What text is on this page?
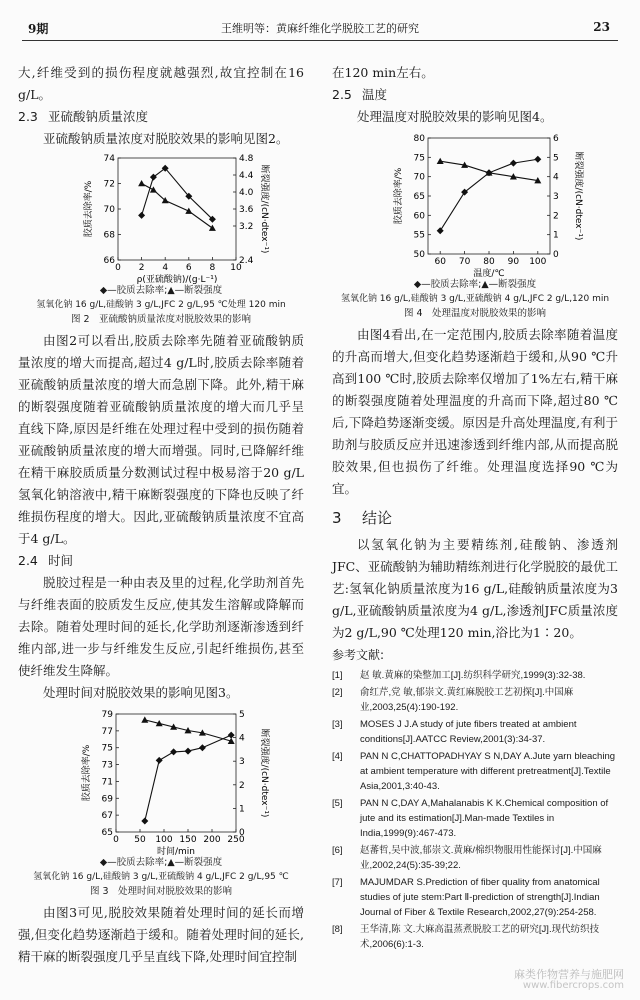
9期	王维明等：黄麻纤维化学脱胶工艺的研究	23

大,纤维受到的损伤程度就越强烈,故宜控制在16 g/L。

2.3 亚硫酸钠质量浓度

亚硫酸钠质量浓度对脱胶效果的影响见图2。

0 2 4 6 8 10
66
68
70
72
74
2.4
3.2
3.6
4.0
4.4
4.8
ρ(亚硫酸钠)/(g·L⁻¹)
胶质去除率/%	断裂强度/(cN·dtex⁻¹)
◆—胶质去除率;▲—断裂强度
氢氧化钠 16 g/L,硅酸钠 3 g/L,JFC 2 g/L,95 ℃处理 120 min
图 2　亚硫酸钠质量浓度对脱胶效果的影响

由图2可以看出,胶质去除率先随着亚硫酸钠质量浓度的增大而提高,超过4 g/L时,胶质去除率随着亚硫酸钠质量浓度的增大而急剧下降。此外,精干麻的断裂强度随着亚硫酸钠质量浓度的增大而几乎呈直线下降,原因是纤维在处理过程中受到的损伤随着亚硫酸钠质量浓度的增大而增强。同时,已降解纤维在精干麻胶质质量分数测试过程中极易溶于20 g/L氢氧化钠溶液中,精干麻断裂强度的下降也反映了纤维损伤程度的增大。因此,亚硫酸钠质量浓度不宜高于4 g/L。

2.4 时间

脱胶过程是一种由表及里的过程,化学助剂首先与纤维表面的胶质发生反应,使其发生溶解或降解而去除。随着处理时间的延长,化学助剂逐渐渗透到纤维内部,进一步与纤维发生反应,引起纤维损伤,甚至使纤维发生降解。

处理时间对脱胶效果的影响见图3。

0 50 100 150 200 250
65
67
69
71
73
75
77
79
0
1
2
3
4
5
时间/min
胶质去除率/%	断裂强度/(cN·dtex⁻¹)
◆—胶质去除率;▲—断裂强度
氢氧化钠 16 g/L,硅酸钠 3 g/L,亚硫酸钠 4 g/L,JFC 2 g/L,95 ℃
图 3　处理时间对脱胶效果的影响

由图3可见,脱胶效果随着处理时间的延长而增强,但变化趋势逐渐趋于缓和。随着处理时间的延长,精干麻的断裂强度几乎呈直线下降,处理时间宜控制

在120 min左右。

2.5 温度

处理温度对脱胶效果的影响见图4。

60 70 80 90 100
50
55
60
65
70
75
80
0
1
2
3
4
5
6
温度/℃
胶质去除率/%	断裂强度/(cN·dtex⁻¹)
◆—胶质去除率;▲—断裂强度
氢氧化钠 16 g/L,硅酸钠 3 g/L,亚硫酸钠 4 g/L,JFC 2 g/L,120 min
图 4　处理温度对脱胶效果的影响

由图4看出,在一定范围内,胶质去除率随着温度的升高而增大,但变化趋势逐渐趋于缓和,从90 ℃升高到100 ℃时,胶质去除率仅增加了1%左右,精干麻的断裂强度随着处理温度的升高而下降,超过80 ℃后,下降趋势逐渐变缓。原因是升高处理温度,有利于助剂与胶质反应并迅速渗透到纤维内部,从而提高脱胶效果,但也损伤了纤维。处理温度选择90 ℃为宜。

3 结论

以氢氧化钠为主要精练剂,硅酸钠、渗透剂JFC、亚硫酸钠为辅助精练剂进行化学脱胶的最优工艺:氢氧化钠质量浓度为16 g/L,硅酸钠质量浓度为3 g/L,亚硫酸钠质量浓度为4 g/L,渗透剂JFC质量浓度为2 g/L,90 ℃处理120 min,浴比为1∶20。

参考文献:
[1] 赵 敏.黄麻的染整加工[J].纺织科学研究,1999(3):32-38.
[2] 俞红芹,党 敏,郁崇文.黄红麻脱胶工艺初探[J].中国麻业,2003,25(4):190-192.
[3] MOSES J J.A study of jute fibers treated at ambient conditions[J].AATCC Review,2001(3):34-37.
[4] PAN N C,CHATTOPADHYAY S N,DAY A.Jute yarn bleaching at ambient temperature with different pretreatment[J].Textile Asia,2001,3:40-43.
[5] PAN N C,DAY A,Mahalanabis K K.Chemical composition of jute and its estimation[J].Man-made Textiles in India,1999(9):467-473.
[6] 赵蕃哲,吴中波,郁崇文.黄麻/棉织物服用性能探讨[J].中国麻业,2002,24(5):35-39;22.
[7] MAJUMDAR S.Prediction of fiber quality from anatomical studies of jute stem:Part Ⅱ-prediction of strength[J].Indian Journal of Fiber & Textile Research,2002,27(9):254-258.
[8] 王华清,陈 文.大麻高温蒸煮脱胶工艺的研究[J].现代纺织技术,2006(6):1-3.
麻类作物营养与施肥网
www.fibercrops.com
